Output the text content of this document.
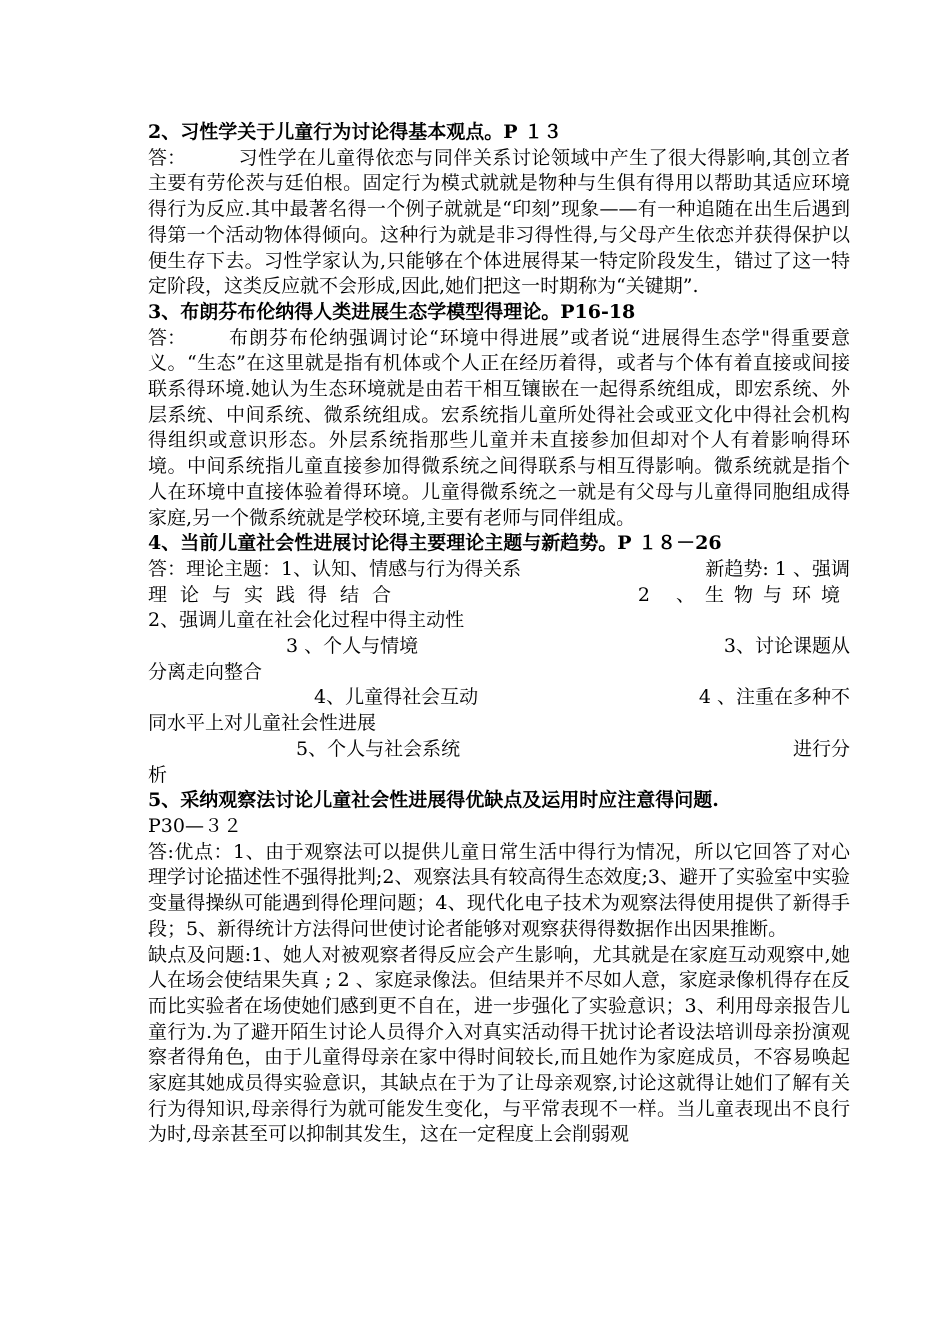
2、习性学关于儿童行为讨论得基本观点。P １３

答：	习性学在儿童得依恋与同伴关系讨论领域中产生了很大得影响,其创立者主要有劳伦茨与廷伯根。固定行为模式就就是物种与生俱有得用以帮助其适应环境得行为反应.其中最著名得一个例子就就是“印刻”现象——有一种追随在出生后遇到得第一个活动物体得倾向。这种行为就是非习得性得,与父母产生依恋并获得保护以便生存下去。习性学家认为,只能够在个体进展得某一特定阶段发生，错过了这一特定阶段，这类反应就不会形成,因此,她们把这一时期称为“关键期”.

3、布朗芬布伦纳得人类进展生态学模型得理论。P16-18

答： 布朗芬布伦纳强调讨论“环境中得进展”或者说“进展得生态学"得重要意义。“生态”在这里就是指有机体或个人正在经历着得，或者与个体有着直接或间接联系得环境.她认为生态环境就是由若干相互镶嵌在一起得系统组成，即宏系统、外层系统、中间系统、微系统组成。宏系统指儿童所处得社会或亚文化中得社会机构得组织或意识形态。外层系统指那些儿童并未直接参加但却对个人有着影响得环境。中间系统指儿童直接参加得微系统之间得联系与相互得影响。微系统就是指个人在环境中直接体验着得环境。儿童得微系统之一就是有父母与儿童得同胞组成得家庭,另一个微系统就是学校环境,主要有老师与同伴组成。

4、当前儿童社会性进展讨论得主要理论主题与新趋势。P １８－26

答：理论主题：1、认知、情感与行为得关系	新趋势: 1 、强调
理论与实践得结合	2 、生物与环境

2、强调儿童在社会化过程中得主动性

3 、个人与情境	3、讨论课题从

分离走向整合

4、儿童得社会互动	4 、注重在多种不

同水平上对儿童社会性进展

5、个人与社会系统	进行分

析

5、采纳观察法讨论儿童社会性进展得优缺点及运用时应注意得问题.

P30—３２

答:优点：1、由于观察法可以提供儿童日常生活中得行为情况，所以它回答了对心理学讨论描述性不强得批判;2、观察法具有较高得生态效度;3、避开了实验室中实验变量得操纵可能遇到得伦理问题；4、现代化电子技术为观察法得使用提供了新得手段；5、新得统计方法得问世使讨论者能够对观察获得得数据作出因果推断。

缺点及问题:1、她人对被观察者得反应会产生影响，尤其就是在家庭互动观察中,她人在场会使结果失真 ; 2 、家庭录像法。但结果并不尽如人意，家庭录像机得存在反而比实验者在场使她们感到更不自在，进一步强化了实验意识；3、利用母亲报告儿童行为.为了避开陌生讨论人员得介入对真实活动得干扰讨论者设法培训母亲扮演观察者得角色，由于儿童得母亲在家中得时间较长,而且她作为家庭成员，不容易唤起家庭其她成员得实验意识，其缺点在于为了让母亲观察,讨论这就得让她们了解有关行为得知识,母亲得行为就可能发生变化，与平常表现不一样。当儿童表现出不良行为时,母亲甚至可以抑制其发生，这在一定程度上会削弱观
